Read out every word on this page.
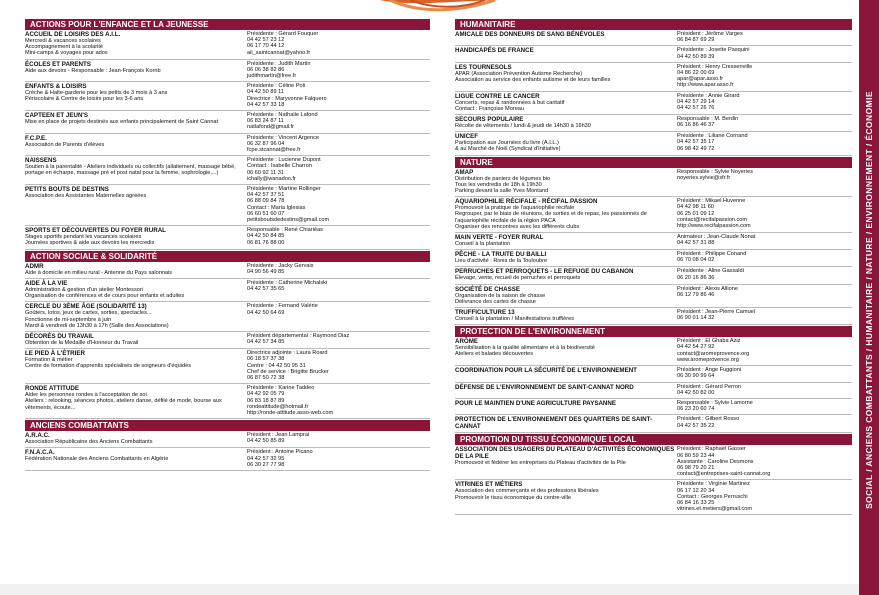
ACTIONS POUR L'ENFANCE ET LA JEUNESSE
ACCUEIL DE LOISIRS DES A.I.L.
Mercredi & vacances scolaires
Accompagnement à la scolarité
Mini-camps & voyages pour ados
Présidente : Gérard Fouquer
04 42 57 23 12
06 17 70 44 12
ail_saintcannat@yahoo.fr
ÉCOLES ET PARENTS
Aide aux devoirs - Responsable : Jean-François Kornb
Présidente : Judith Martin
06 06 38 82 86
judithmartin@free.fr
ENFANTS & LOISIRS
Crèche & Halte-garderie pour les petits de 3 mois à 3 ans
Périscolaire & Centre de loisirs pour les 3-6 ans
Présidente : Céline Poli
04 42 50 89 11
Directrice : Maryvonne Falquero
04 42 57 33 18
CAPTEEN ET JEUN'S
Mise en place de projets destinés aux enfants principalement de Saint Cannat
Présidente : Nathalie Lafond
06 83 24 87 11
natlafond@gmail.fr
F.C.P.E.
Association de Parents d'élèves
Présidente : Vincent Argence
06 32 87 96 04
fcpe.stcannat@free.fr
NAISSENS
Soutien à la parentalité - Ateliers individuels ou collectifs (allaitement, massage bébé, portage en écharpe, massage pré et post natal pour la femme, sophrologie,...)
Présidente : Lucienne Dupont
Contact : Isabelle Charron
06 60 92 11 31
ichally@wanadoo.fr
PETITS BOUTS DE DESTINS
Association des Assistantes Maternelles agréées
Présidente : Martine Rollinger
04 42 57 37 51
06 88 09 84 78
Contact : Maria Iglesias
06 60 51 60 07
petitsboutsdedestins@gmail.com
SPORTS ET DÉCOUVERTES DU FOYER RURAL
Stages sportifs pendant les vacances scolaires
Journées sportives & aide aux devoirs les mercredis
Responsable : René Chiariéas
04 42 50 84 85
06 81 76 88 00
ACTION SOCIALE & SOLIDARITÉ
ADMR
Aide à domicile en milieu rural - Antenne du Pays salonnais
Présidente : Jacky Gervais
04 90 56 49 85
AIDE À LA VIE
Administration & gestion d'un atelier Montessori
Organisation de conférences et de cours pour enfants et adultes
Présidente : Catherine Michalski
04 42 57 35 65
CERCLE DU 3ÈME ÂGE (SOLIDARITÉ 13)
Goûters, lotos, jeux de cartes, sorties, spectacles...
Fonctionne de mi-septembre à juin
Mardi & vendredi de 13h30 à 17h (Salle des Associations)
Présidente : Fernand Valérie
04 42 50 64 69
DÉCORÉS DU TRAVAIL
Obtention de la Médaille d'Honneur du Travail
Président départemental : Raymond Diaz
04 42 57 34 85
LE PIED À L'ÉTRIER
Formation & métier
Centre de formation d'apprentis spécialisés de soigneurs d'équidés
Directrice adjointe : Laura Roard
06 18 57 37 38
Centre : 04 42 50 95 31
Chef de service : Brigitte Brucker
06 87 50 72 38
RONDE ATTITUDE
Aider les personnes rondes à l'acceptation de soi
Ateliers : relooking, séances photos, ateliers danse, défilé de mode, bourse aux vêtements, écoute...
Présidente : Karine Taddeo
04 42 92 05 79
06 83 18 87 89
rondeattitude@hotmail.fr
http://ronde-attitude.asso-web.com
ANCIENS COMBATTANTS
A.R.A.C.
Association Républicaine des Anciens Combattants
Président : Jean Lamprai
04 42 50 85 89
F.N.A.C.A.
Fédération Nationale des Anciens Combattants en Algérie
Président : Antoine Picano
04 42 57 32 95
06 30 27 77 98
HUMANITAIRE
AMICALE DES DONNEURS DE SANG BÉNÉVOLES	Président : Jérôme Varges
06 84 87 69 29
HANDICAPÉS DE FRANCE	Présidente : Josette Pasquini
04 42 50 89 39
LES TOURNESOLS
APAR (Association Prévention Autisme Recherche)
Association au service des enfants autisme et de leurs familles
Président : Henry Cressenville
04 86 22 00 69
apar@apar.asso.fr
http://www.apar.asso.fr
LIGUE CONTRE LE CANCER
Concerts, repas & randonnées à but caritatif
Contact : Françoise Moreau
Présidente : Annie Girard
04 42 57 29 14
04 42 57 26 76
SECOURS POPULAIRE
Récolte de vêtements / lundi & jeudi de 14h30 à 16h30
Responsable : M. Berdin
06 16 86 46 37
UNICEF
Participation aux Journées du livre (A.I.L.)
& au Marché de Noël (Syndicat d'Initiative)
Présidente : Liliane Cornand
04 42 57 35 17
06 98 42 49 72
NATURE
AMAP
Distribution de paniers de légumes bio
Tous les vendredis de 18h à 19h30
Parking devant la salle Yves Montand
Responsable : Sylvie Noyeries
noyeries.sylvie@sfr.fr
AQUARIOPHILIE RÉCIFALE - RÉCIFAL PASSION
Promouvoir la pratique de l'aquariophilie récifale
Regrouper, par le biais de réunions, de sorties et de repas, les passionnés de l'aquariophilie récifale de la région PACA
Organiser des rencontres avec les différents clubs
Président : Mikael Huvenne
04 42 98 11 60
06 25 01 09 12
contact@recifalpassion.com
http://www.recifalpassion.com
MAIN VERTE - FOYER RURAL
Conseil à la plantation
Animateur : Jean-Claude Nonat
04 42 57 31 88
PÊCHE - LA TRUITE DU BAILLI
Lieu d'activité : Rives de la Touloubre
Président : Philippe Conand
06 70 08 04 02
PERRUCHES ET PERROQUETS - LE REFUGE DU CABANON
Élevage, vente, recueil de perruches et perroquets
Présidente : Aline Gassaldi
06 20 16 86 36
SOCIÉTÉ DE CHASSE
Organisation de la saison de chasse
Délivrance des cartes de chasse
Président : Alexis Allione
06 12 79 86 46
TRUFFICULTURE 13
Conseil à la plantation / Manifestations truffières
Président : Jean-Pierre Camuel
06 90 01 14 32
PROTECTION DE L'ENVIRONNEMENT
ARÔME
Sensibilisation à la qualité alimentaire et à la biodiversité
Ateliers et balades découvertes
Président : El Ghaba Aziz
04 42 54 27 92
contact@aromeprovence.org
www.aromeprovence.org
COORDINATION POUR LA SÉCURITÉ DE L'ENVIRONNEMENT	Président : Ange Fuggioni
06 30 90 99 64
DÉFENSE DE L'ENVIRONNEMENT DE SAINT-CANNAT NORD	Président : Gérard Perron
04 42 50 82 00
POUR LE MAINTIEN D'UNE AGRICULTURE PAYSANNE	Responsable : Sylvie Lamorne
06 23 20 60 74
PROTECTION DE L'ENVIRONNEMENT DES QUARTIERS DE SAINT-CANNAT
Président : Gilbert Rosso
04 42 57 35 22
PROMOTION DU TISSU ÉCONOMIQUE LOCAL
ASSOCIATION DES USAGERS DU PLATEAU D'ACTIVITÉS ÉCONOMIQUES DE LA PILE
Promouvoir et fédérer les entreprises du Plateau d'activités de la Pile
Président : Raphaël Gasser
06 80 59 23 44
Assistante : Caroline Desmons
06 98 79 20 21
contact@entreprises-saint-cannat.org
VITRINES ET MÉTIERS
Association des commerçants et des professions libérales
Promouvoir le tissu économique du centre-ville
Présidente : Virginie Martinez
06 17 12 20 34
Contact : Georges Perruschi
06 84 16 33 25
vitrines.et.metiers@gmail.com
SOCIAL / ANCIENS COMBATTANTS / HUMANITAIRE / NATURE / ENVIRONNEMENT / ÉCONOMIE
